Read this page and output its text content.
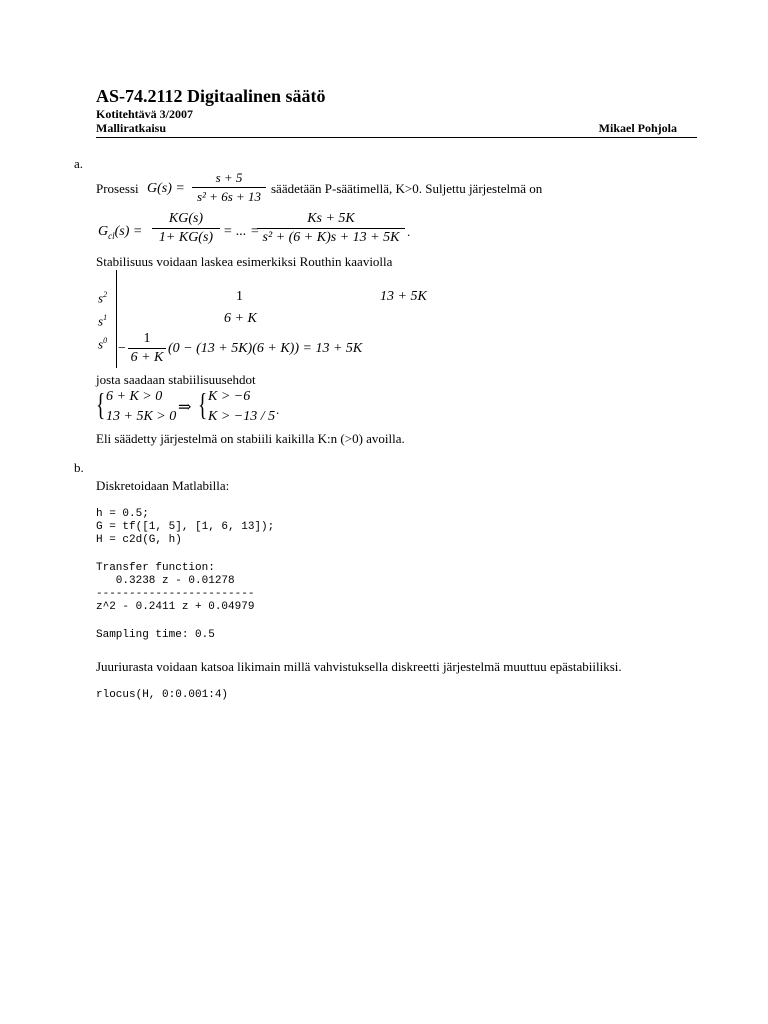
AS-74.2112 Digitaalinen säätö
Kotitehtävä 3/2007
Malliratkaisu	Mikael Pohjola
a.
Prosessi G(s) =
s + 5
s² + 6s + 13
säädetään P-säätimellä, K>0. Suljettu järjestelmä on
$G_{cl}(s)$ =
KG(s)
1+ KG(s) = ... =
Ks + 5K
s² + (6 + K)s + 13 + 5K .
Stabilisuus voidaan laskea esimerkiksi Routhin kaaviolla
$s^2$
$s^1$
$s^0$
1	13 + 5K
6 + K
−
1
6 + K
(0 − (13 + 5K)(6 + K)) = 13 + 5K
josta saadaan stabiilisuusehdot
{ 6 + K > 0
13 + 5K > 0
⇒ { K > −6
K > −13 / 5 .
Eli säädetty järjestelmä on stabiili kaikilla K:n (>0) avoilla.
b.
Diskretoidaan Matlabilla:
h = 0.5;
G = tf([1, 5], [1, 6, 13]);
H = c2d(G, h)
Transfer function:
0.3238 z - 0.01278
------------------------
z^2 - 0.2411 z + 0.04979
Sampling time: 0.5
Juuriurasta voidaan katsoa likimain millä vahvistuksella diskreetti järjestelmä muuttuu epästabiiliksi.
rlocus(H, 0:0.001:4)
